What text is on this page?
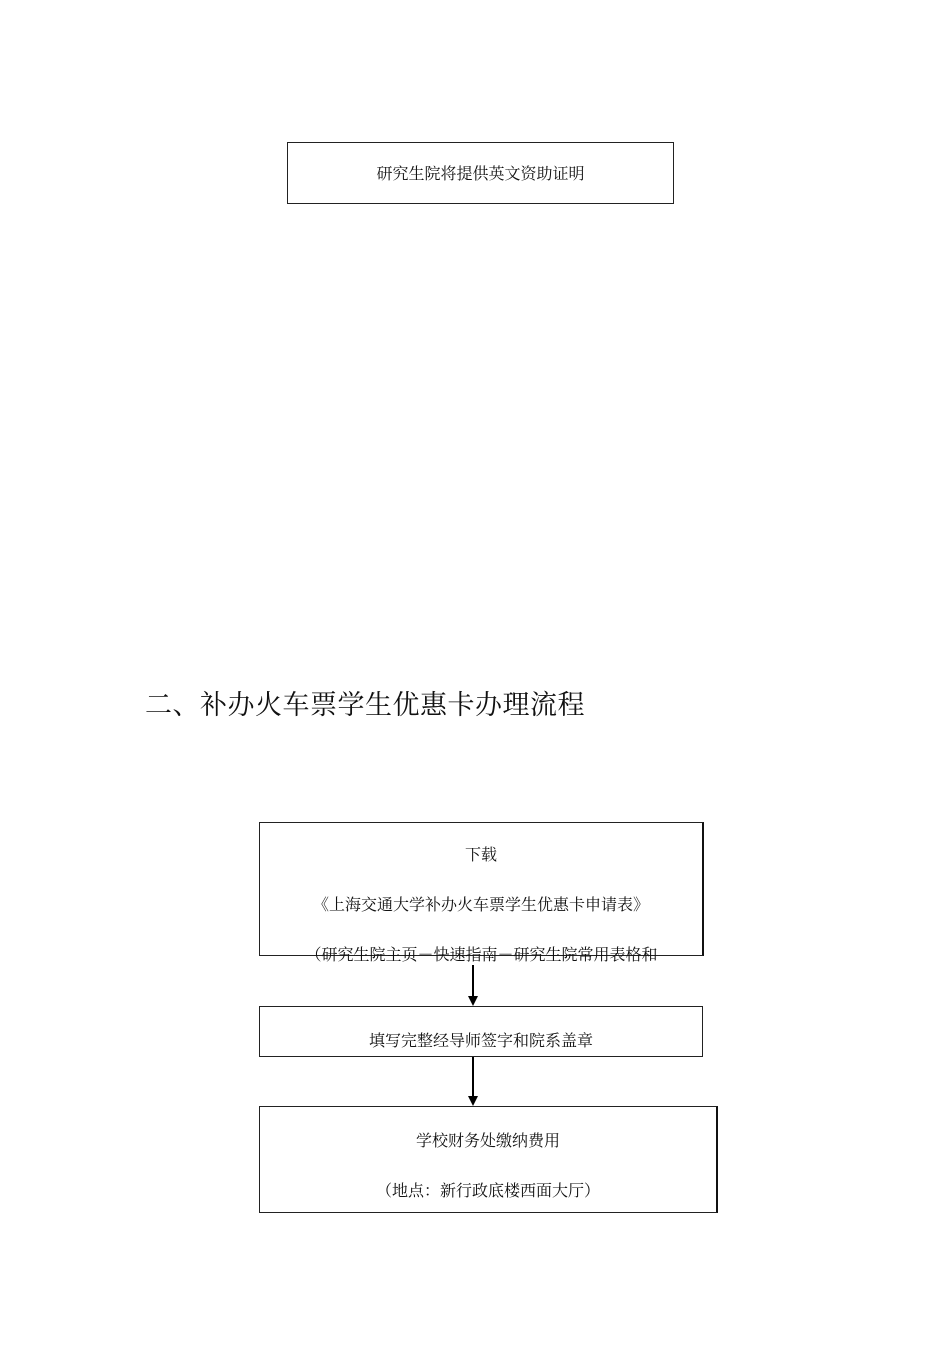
研究生院将提供英文资助证明
二、补办火车票学生优惠卡办理流程
下载
《上海交通大学补办火车票学生优惠卡申请表》
（研究生院主页－快速指南－研究生院常用表格和
填写完整经导师签字和院系盖章
学校财务处缴纳费用
（地点：新行政底楼西面大厅）
